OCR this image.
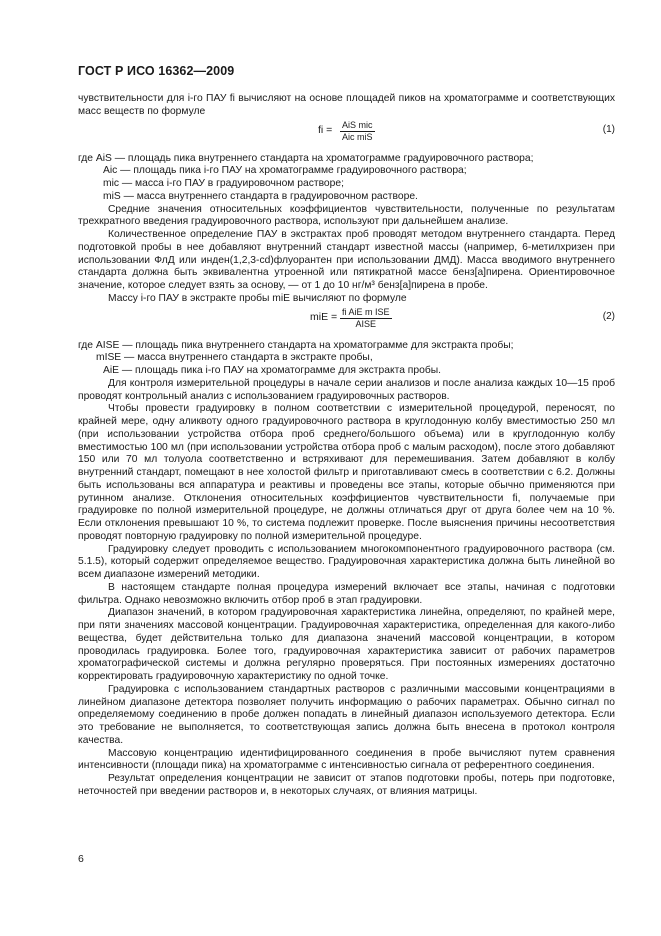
ГОСТ Р ИСО 16362—2009

чувствительности для i-го ПАУ fi вычисляют на основе площадей пиков на хроматограмме и соответствующих масс веществ по формуле

fi = AiS mic
Aic miS
(1)

где AiS — площадь пика внутреннего стандарта на хроматограмме градуировочного раствора;

Aic — площадь пика i-го ПАУ на хроматограмме градуировочного раствора;

mic — масса i-го ПАУ в градуировочном растворе;

miS — масса внутреннего стандарта в градуировочном растворе.

Средние значения относительных коэффициентов чувствительности, полученные по результатам трехкратного введения градуировочного раствора, используют при дальнейшем анализе.

Количественное определение ПАУ в экстрактах проб проводят методом внутреннего стандарта. Перед подготовкой пробы в нее добавляют внутренний стандарт известной массы (например, 6-метилхризен при использовании ФлД или инден(1,2,3-cd)флуорантен при использовании ДМД). Масса вводимого внутреннего стандарта должна быть эквивалентна утроенной или пятикратной массе бенз[a]пирена. Ориентировочное значение, которое следует взять за основу, — от 1 до 10 нг/м³ бенз[a]пирена в пробе.

Массу i-го ПАУ в экстракте пробы miE вычисляют по формуле

miE = fi AiE m ISE
AISE
(2)

где AISE — площадь пика внутреннего стандарта на хроматограмме для экстракта пробы;

mISE — масса внутреннего стандарта в экстракте пробы,

AiE — площадь пика i-го ПАУ на хроматограмме для экстракта пробы.

Для контроля измерительной процедуры в начале серии анализов и после анализа каждых 10—15 проб проводят контрольный анализ с использованием градуировочных растворов.

Чтобы провести градуировку в полном соответствии с измерительной процедурой, переносят, по крайней мере, одну аликвоту одного градуировочного раствора в круглодонную колбу вместимостью 250 мл (при использовании устройства отбора проб среднего/большого объема) или в круглодонную колбу вместимостью 100 мл (при использовании устройства отбора проб с малым расходом), после этого добавляют 150 или 70 мл толуола соответственно и встряхивают для перемешивания. Затем добавляют в колбу внутренний стандарт, помещают в нее холостой фильтр и приготавливают смесь в соответствии с 6.2. Должны быть использованы вся аппаратура и реактивы и проведены все этапы, которые обычно применяются при рутинном анализе. Отклонения относительных коэффициентов чувствительности fi, получаемые при градуировке по полной измерительной процедуре, не должны отличаться друг от друга более чем на 10 %. Если отклонения превышают 10 %, то система подлежит проверке. После выяснения причины несоответствия проводят повторную градуировку по полной измерительной процедуре.

Градуировку следует проводить с использованием многокомпонентного градуировочного раствора (см. 5.1.5), который содержит определяемое вещество. Градуировочная характеристика должна быть линейной во всем диапазоне измерений методики.

В настоящем стандарте полная процедура измерений включает все этапы, начиная с подготовки фильтра. Однако невозможно включить отбор проб в этап градуировки.

Диапазон значений, в котором градуировочная характеристика линейна, определяют, по крайней мере, при пяти значениях массовой концентрации. Градуировочная характеристика, определенная для какого-либо вещества, будет действительна только для диапазона значений массовой концентрации, в котором проводилась градуировка. Более того, градуировочная характеристика зависит от рабочих параметров хроматографической системы и должна регулярно проверяться. При постоянных измерениях достаточно корректировать градуировочную характеристику по одной точке.

Градуировка с использованием стандартных растворов с различными массовыми концентрациями в линейном диапазоне детектора позволяет получить информацию о рабочих параметрах. Обычно сигнал по определяемому соединению в пробе должен попадать в линейный диапазон используемого детектора. Если это требование не выполняется, то соответствующая запись должна быть внесена в протокол контроля качества.

Массовую концентрацию идентифицированного соединения в пробе вычисляют путем сравнения интенсивности (площади пика) на хроматограмме с интенсивностью сигнала от референтного соединения.

Результат определения концентрации не зависит от этапов подготовки пробы, потерь при подготовке, неточностей при введении растворов и, в некоторых случаях, от влияния матрицы.

6
